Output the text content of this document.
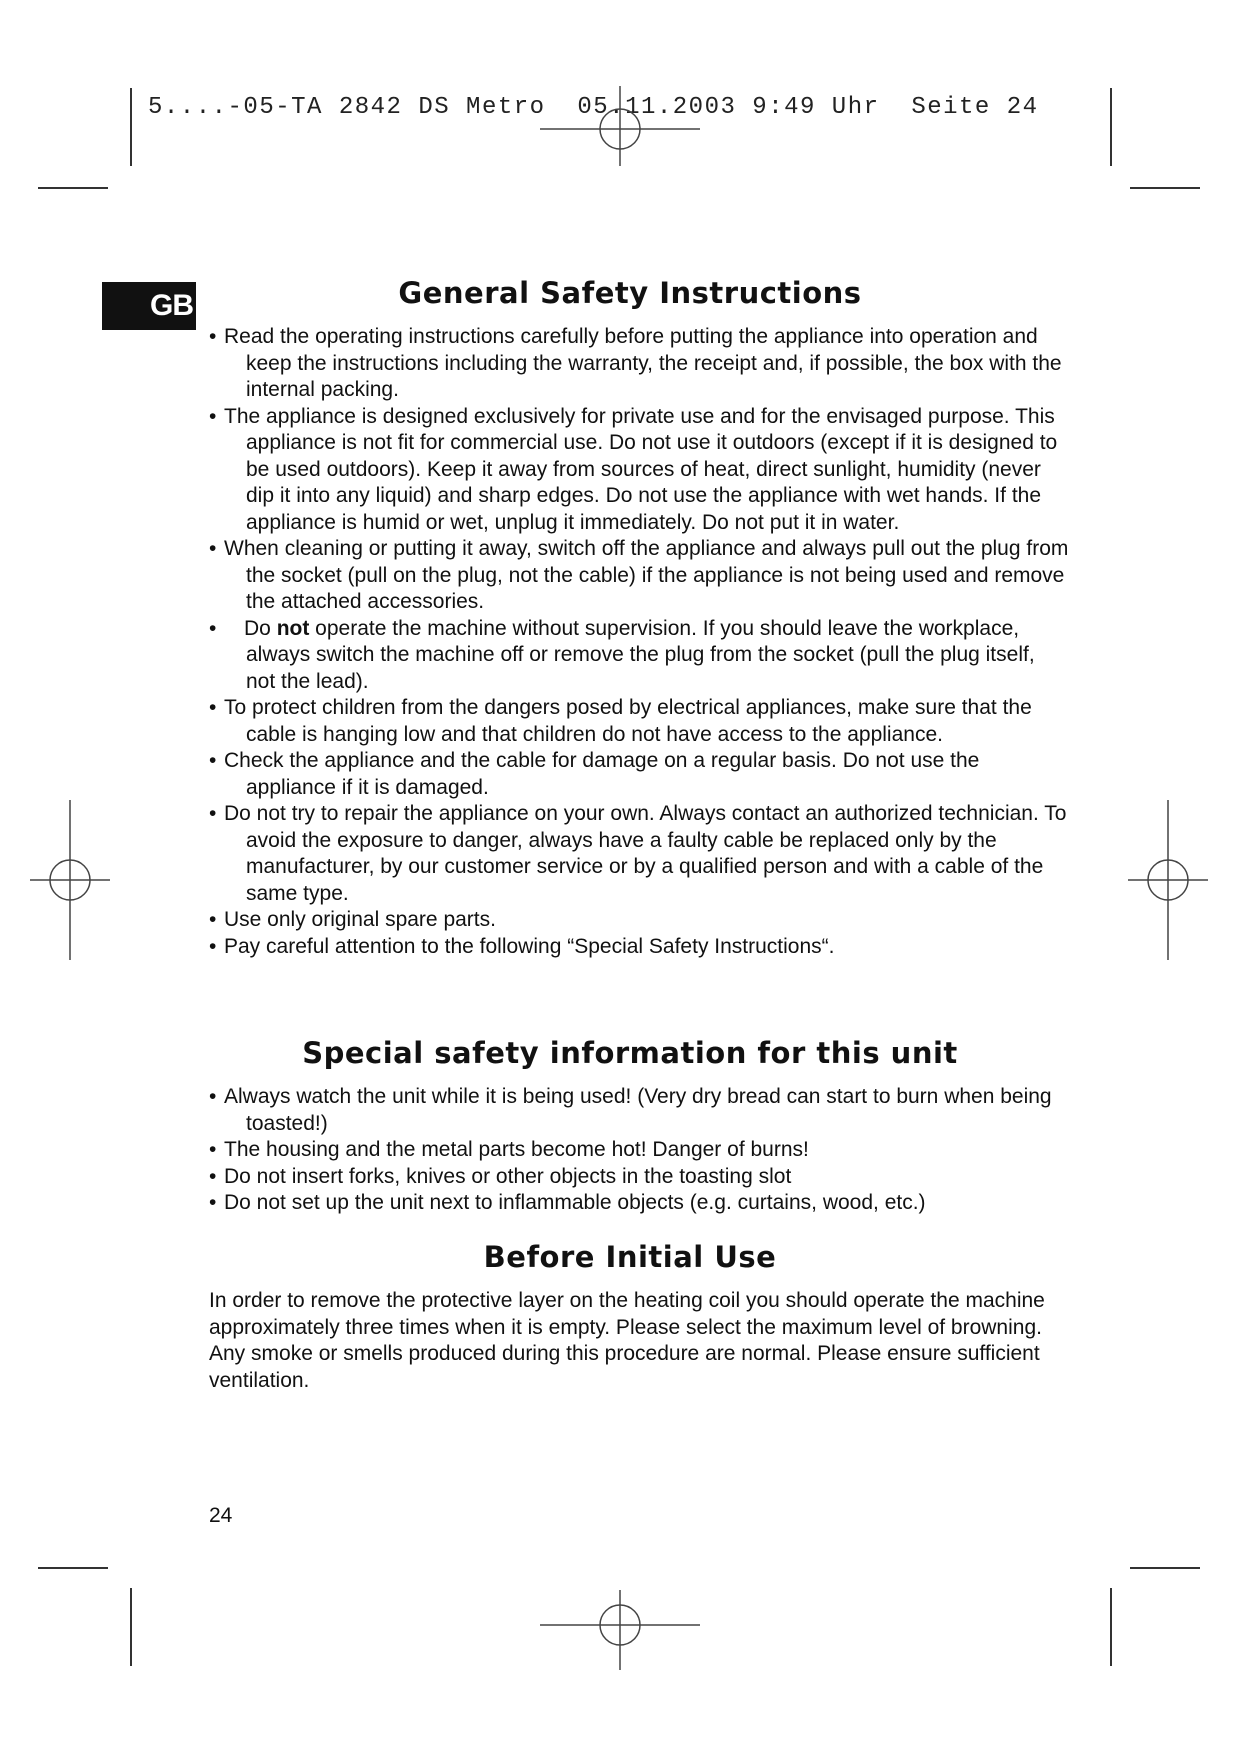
5....-05-TA 2842 DS Metro  05.11.2003 9:49 Uhr  Seite 24
GB	General Safety Instructions
• Read the operating instructions carefully before putting the appliance into operation and keep the instructions including the warranty, the receipt and, if possible, the box with the internal packing.
• The appliance is designed exclusively for private use and for the envisaged purpose. This appliance is not fit for commercial use. Do not use it outdoors (except if it is designed to be used outdoors). Keep it away from sources of heat, direct sunlight, humidity (never dip it into any liquid) and sharp edges. Do not use the appliance with wet hands. If the appliance is humid or wet, unplug it immediately. Do not put it in water.
• When cleaning or putting it away, switch off the appliance and always pull out the plug from the socket (pull on the plug, not the cable) if the appliance is not being used and remove the attached accessories.
• Do not operate the machine without supervision. If you should leave the workplace, always switch the machine off or remove the plug from the socket (pull the plug itself, not the lead).
• To protect children from the dangers posed by electrical appliances, make sure that the cable is hanging low and that children do not have access to the appliance.
• Check the appliance and the cable for damage on a regular basis. Do not use the appliance if it is damaged.
• Do not try to repair the appliance on your own. Always contact an authorized technician. To avoid the exposure to danger, always have a faulty cable be replaced only by the manufacturer, by our customer service or by a qualified person and with a cable of the same type.
• Use only original spare parts.
• Pay careful attention to the following “Special Safety Instructions“.
Special safety information for this unit
• Always watch the unit while it is being used! (Very dry bread can start to burn when being toasted!)
• The housing and the metal parts become hot! Danger of burns!
• Do not insert forks, knives or other objects in the toasting slot
• Do not set up the unit next to inflammable objects (e.g. curtains, wood, etc.)
Before Initial Use

In order to remove the protective layer on the heating coil you should operate the machine approximately three times when it is empty. Please select the maximum level of browning. Any smoke or smells produced during this procedure are normal. Please ensure sufficient ventilation.

24
